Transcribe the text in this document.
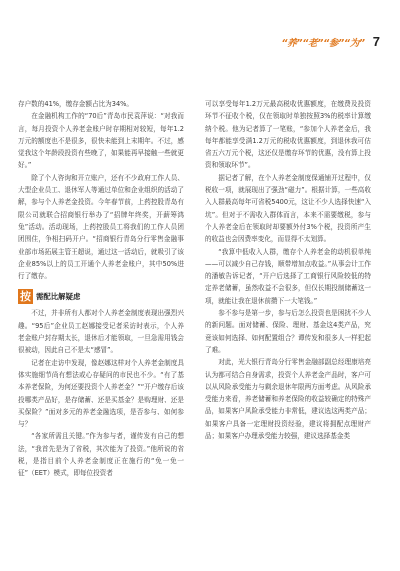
“养”“老”“参”“为” 7

存户数的41%，缴存金额占比为34%。

在金融机构工作的“70后”青岛市民袁萍说：“对我而言，每月投资个人养老金账户时存期相对较短，每年1.2万元的额度也不是很多，很快未能到上末期年。不过，感觉我这个年龄段投资有些晚了，如果能再早接触一些就更好。”

除了个人咨询和开立账户，还有不少政府工作人员、大型企业员工、退休军人等通过单位和企业组织的活动了解，参与个人养老金投资。今年春节前，上药控股青岛有限公司就联合招商银行举办了“招牌年终奖，开薪筹鸿兔”活动。活动现场，上药控股员工将我们的工作人员团团围住，争相扫码开户。“招商银行青岛分行零售金融事业部市场拓展主管王超说，通过这一活动后，就吸引了该企业85%以上的员工开通个人养老金账户，其中50%进行了缴存。

按 需配比解疑虑

不过，并非所有人都对个人养老金制度表现出强烈兴趣。“95后”企业员工赵娜接受记者采访时表示，个人养老金账户封存期太长，退休后才能领取，一旦急需用钱会很被动，因此自己不是太“感冒”。

记者在走访中发现，像赵娜这样对个人养老金制度具体实施细节尚有想法或心存疑问的市民也不少。“有了基本养老保险，为何还要投资个人养老金？”“开户缴存后该投哪类产品好，是存储蓄、还是买基金？是购理财、还是买保险？”面对多元的养老金融选项，是否参与、如何参与？

“各家所需且关键。”作为参与者，谨传发有自己的想法，“我首先是为了省税，其次能为了投资。”他所说的省税，是指目前个人养老金制度正在施行的“免一免一征”（EET）模式，即每位投资者

可以享受每年1.2万元最高税收优惠额度，在缴费及投资环节不征收个税，仅在领取时单独按照3%的税率计算缴纳个税。他为记者算了一笔账，“参加个人养老金后，我每年都能享受满1.2万元的税收优惠额度，到退休我可估省五六万元个税，这还仅是缴存环节的优惠，没有算上投资和领取环节”。

据记者了解，在个人养老金制度保通铺开过程中，仅税收一项，就展现出了强劲“磁力”。根据计算，一些高收入人群最高每年可省税5400元，这让不少人选择快速“入坑”。但对于不需收入群体而言，本来不需要缴税，参与个人养老金后在领取时却要额外付3%个税，投资所产生的收益也会因费率变化，而显得不太划算。

“我算中低收入人群，缴存个人养老金的动机很单纯——可以减少自己存钱，顺带增加点收益。”从事会计工作的潘敏告诉记者，“开户后选择了工商银行风险较低的特定养老储蓄，虽然收益不会很多，但仅长期投制储蓄这一项，就能让我在退休前攒下一大笔钱。”

参不参与是第一步，参与后怎么投资也是困扰不少人的新问题。面对储蓄、保险、理财、基金这4类产品，究竟该如何选择、如何配置组合？谭传发和很多人一样犯起了难。

对此，光大银行青岛分行零售金融部副总经理康培亮认为都可结合自身需求，投资个人养老金产品时，客户可以从风险承受能力与剩余退休年限两方面考虑。从风险承受能力来看，养老储蓄和养老保险的收益较确定的特殊产品，如果客户风险承受能力非常低，建议选这两类产品；如果客户具备一定理财投资经验，建议将拥配点理财产品；如果客户办理承受能力较强，建议选择基金类
